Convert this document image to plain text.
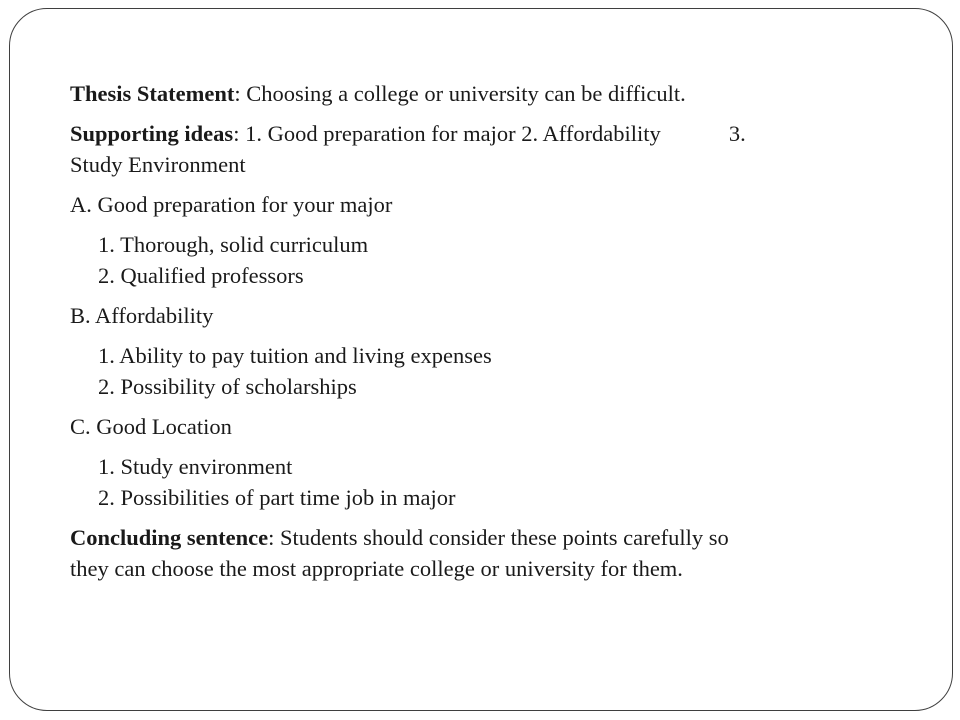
Thesis Statement: Choosing a college or university can be difficult.

Supporting ideas: 1. Good preparation for major 2. Affordability	3.
Study Environment

A. Good preparation for your major

1. Thorough, solid curriculum

2. Qualified professors

B. Affordability

1. Ability to pay tuition and living expenses

2. Possibility of scholarships

C. Good Location

1. Study environment

2. Possibilities of part time job in major

Concluding sentence: Students should consider these points carefully so
they can choose the most appropriate college or university for them.
